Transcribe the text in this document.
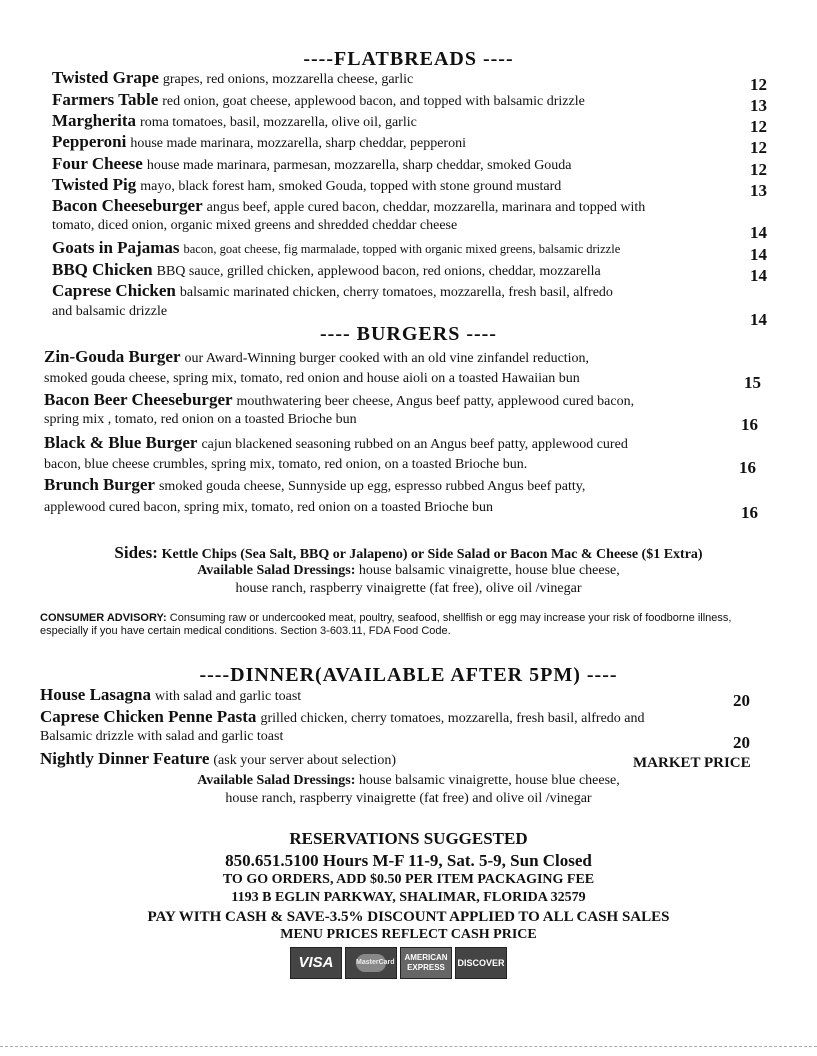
----FLATBREADS ----
Twisted Grape grapes, red onions, mozzarella cheese, garlic	12
Farmers Table red onion, goat cheese, applewood bacon, and topped with balsamic drizzle	13
Margherita roma tomatoes, basil, mozzarella, olive oil, garlic	12
Pepperoni house made marinara, mozzarella, sharp cheddar, pepperoni	12
Four Cheese house made marinara, parmesan, mozzarella, sharp cheddar, smoked Gouda	12
Twisted Pig mayo, black forest ham, smoked Gouda, topped with stone ground mustard	13
Bacon Cheeseburger angus beef, apple cured bacon, cheddar, mozzarella, marinara and topped with
tomato, diced onion, organic mixed greens and shredded cheddar cheese	14
Goats in Pajamas bacon, goat cheese, fig marmalade, topped with organic mixed greens, balsamic drizzle	14
BBQ Chicken BBQ sauce, grilled chicken, applewood bacon, red onions, cheddar, mozzarella	14
Caprese Chicken balsamic marinated chicken, cherry tomatoes, mozzarella, fresh basil, alfredo
and balsamic drizzle	14
---- BURGERS ----
Zin-Gouda Burger our Award-Winning burger cooked with an old vine zinfandel reduction,
smoked gouda cheese, spring mix, tomato, red onion and house aioli on a toasted Hawaiian bun	15
Bacon Beer Cheeseburger mouthwatering beer cheese, Angus beef patty, applewood cured bacon,
spring mix , tomato, red onion on a toasted Brioche bun	16
Black & Blue Burger cajun blackened seasoning rubbed on an Angus beef patty, applewood cured
bacon, blue cheese crumbles, spring mix, tomato, red onion, on a toasted Brioche bun.	16
Brunch Burger smoked gouda cheese, Sunnyside up egg, espresso rubbed Angus beef patty,
applewood cured bacon, spring mix, tomato, red onion on a toasted Brioche bun	16
Sides: Kettle Chips (Sea Salt, BBQ or Jalapeno) or Side Salad or Bacon Mac & Cheese ($1 Extra)
Available Salad Dressings: house balsamic vinaigrette, house blue cheese,
house ranch, raspberry vinaigrette (fat free), olive oil /vinegar
CONSUMER ADVISORY: Consuming raw or undercooked meat, poultry, seafood, shellfish or egg may increase your risk of foodborne illness, especially if you have certain medical conditions. Section 3-603.11, FDA Food Code.
----DINNER(AVAILABLE AFTER 5PM) ----
House Lasagna with salad and garlic toast	20
Caprese Chicken Penne Pasta grilled chicken, cherry tomatoes, mozzarella, fresh basil, alfredo and
Balsamic drizzle with salad and garlic toast	20
Nightly Dinner Feature (ask your server about selection)	MARKET PRICE
Available Salad Dressings: house balsamic vinaigrette, house blue cheese,
house ranch, raspberry vinaigrette (fat free) and olive oil /vinegar
RESERVATIONS SUGGESTED
850.651.5100 Hours M-F 11-9, Sat. 5-9, Sun Closed
TO GO ORDERS, ADD $0.50 PER ITEM PACKAGING FEE
1193 B EGLIN PARKWAY, SHALIMAR, FLORIDA 32579
PAY WITH CASH & SAVE-3.5% DISCOUNT APPLIED TO ALL CASH SALES
MENU PRICES REFLECT CASH PRICE
VISA	MasterCard
AMERICAN EXPRESS	DISCOVER
